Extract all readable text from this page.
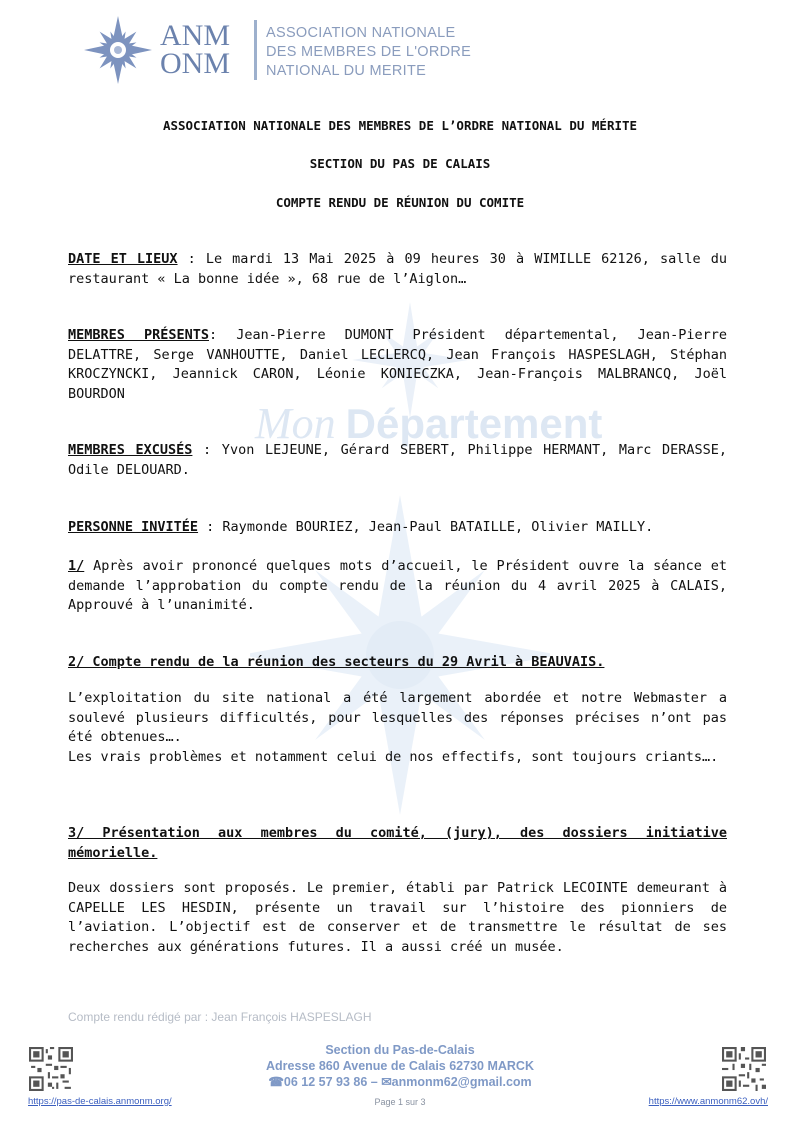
Mon Département
ANM
ONM
ASSOCIATION NATIONALE
DES MEMBRES DE L'ORDRE
NATIONAL DU MERITE
ASSOCIATION NATIONALE DES MEMBRES DE L’ORDRE NATIONAL DU MÉRITE
SECTION DU PAS DE CALAIS
COMPTE RENDU DE RÉUNION DU COMITE
DATE ET LIEUX : Le mardi 13 Mai 2025 à 09 heures 30 à WIMILLE 62126, salle du restaurant « La bonne idée », 68 rue de l’Aiglon…
MEMBRES PRÉSENTS: Jean-Pierre DUMONT Président départemental, Jean-Pierre DELATTRE, Serge VANHOUTTE, Daniel LECLERCQ, Jean François HASPESLAGH, Stéphan KROCZYNCKI, Jeannick CARON, Léonie KONIECZKA, Jean-François MALBRANCQ, Joël BOURDON
MEMBRES EXCUSÉS : Yvon LEJEUNE, Gérard SEBERT, Philippe HERMANT, Marc DERASSE, Odile DELOUARD.
PERSONNE INVITÉE : Raymonde BOURIEZ, Jean-Paul BATAILLE, Olivier MAILLY.
1/ Après avoir prononcé quelques mots d’accueil, le Président ouvre la séance et demande l’approbation du compte rendu de la réunion du 4 avril 2025 à CALAIS, Approuvé à l’unanimité.
2/ Compte rendu de la réunion des secteurs du 29 Avril à BEAUVAIS.
L’exploitation du site national a été largement abordée et notre Webmaster a soulevé plusieurs difficultés, pour lesquelles des réponses précises n’ont pas été obtenues….
Les vrais problèmes et notamment celui de nos effectifs, sont toujours criants….
3/ Présentation aux membres du comité, (jury), des dossiers initiative mémorielle.
Deux dossiers sont proposés. Le premier, établi par Patrick LECOINTE demeurant à CAPELLE LES HESDIN, présente un travail sur l’histoire des pionniers de l’aviation. L’objectif est de conserver et de transmettre le résultat de ses recherches aux générations futures. Il a aussi créé un musée.
Compte rendu rédigé par : Jean François HASPESLAGH
https://pas-de-calais.anmonm.org/
Section du Pas-de-Calais
Adresse 860 Avenue de Calais 62730 MARCK
☎06 12 57 93 86 – ✉anmonm62@gmail.com
Page 1 sur 3	https://www.anmonm62.ovh/
